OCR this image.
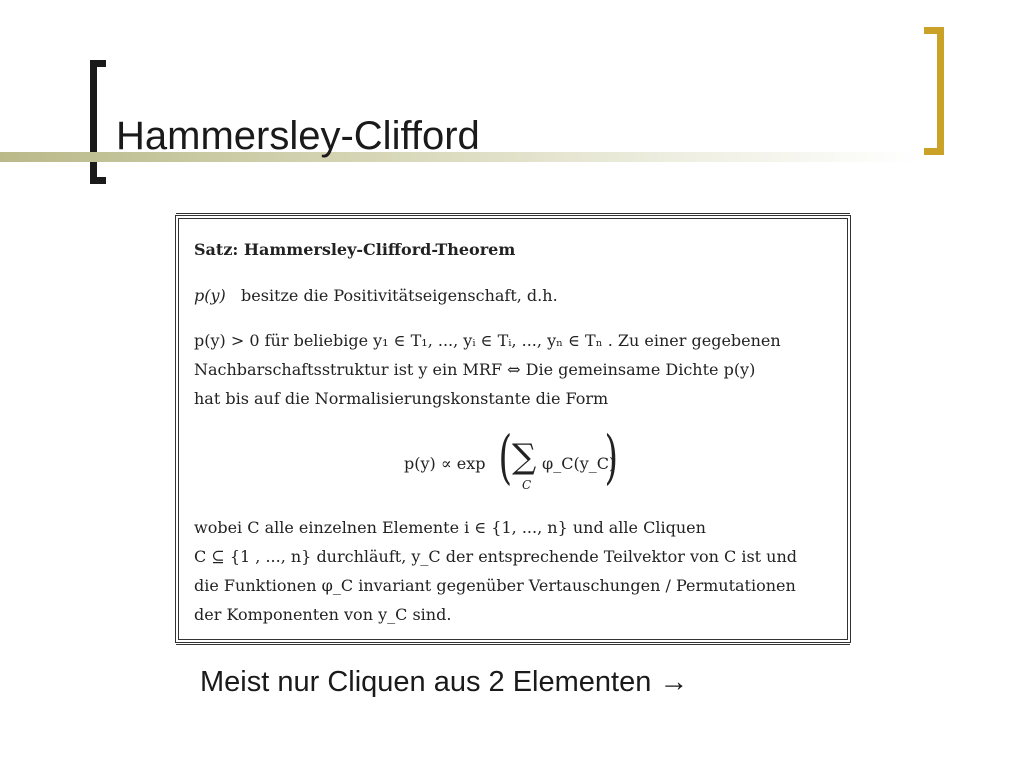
Hammersley-Clifford
Satz: Hammersley-Clifford-Theorem
p(y) besitze die Positivitätseigenschaft, d.h.
p(y) > 0 für beliebige y₁ ∈ T₁, ..., yᵢ ∈ Tᵢ, ..., yₙ ∈ Tₙ . Zu einer gegebenen
Nachbarschaftsstruktur ist y ein MRF ⇔ Die gemeinsame Dichte p(y)
hat bis auf die Normalisierungskonstante die Form
p(y) ∝ exp ( ∑
C
φ_C(y_C)
)
wobei C alle einzelnen Elemente i ∈ {1, ..., n} und alle Cliquen
C ⊆ {1 , ..., n} durchläuft, y_C der entsprechende Teilvektor von C ist und
die Funktionen φ_C invariant gegenüber Vertauschungen / Permutationen
der Komponenten von y_C sind.
Meist nur Cliquen aus 2 Elementen →
